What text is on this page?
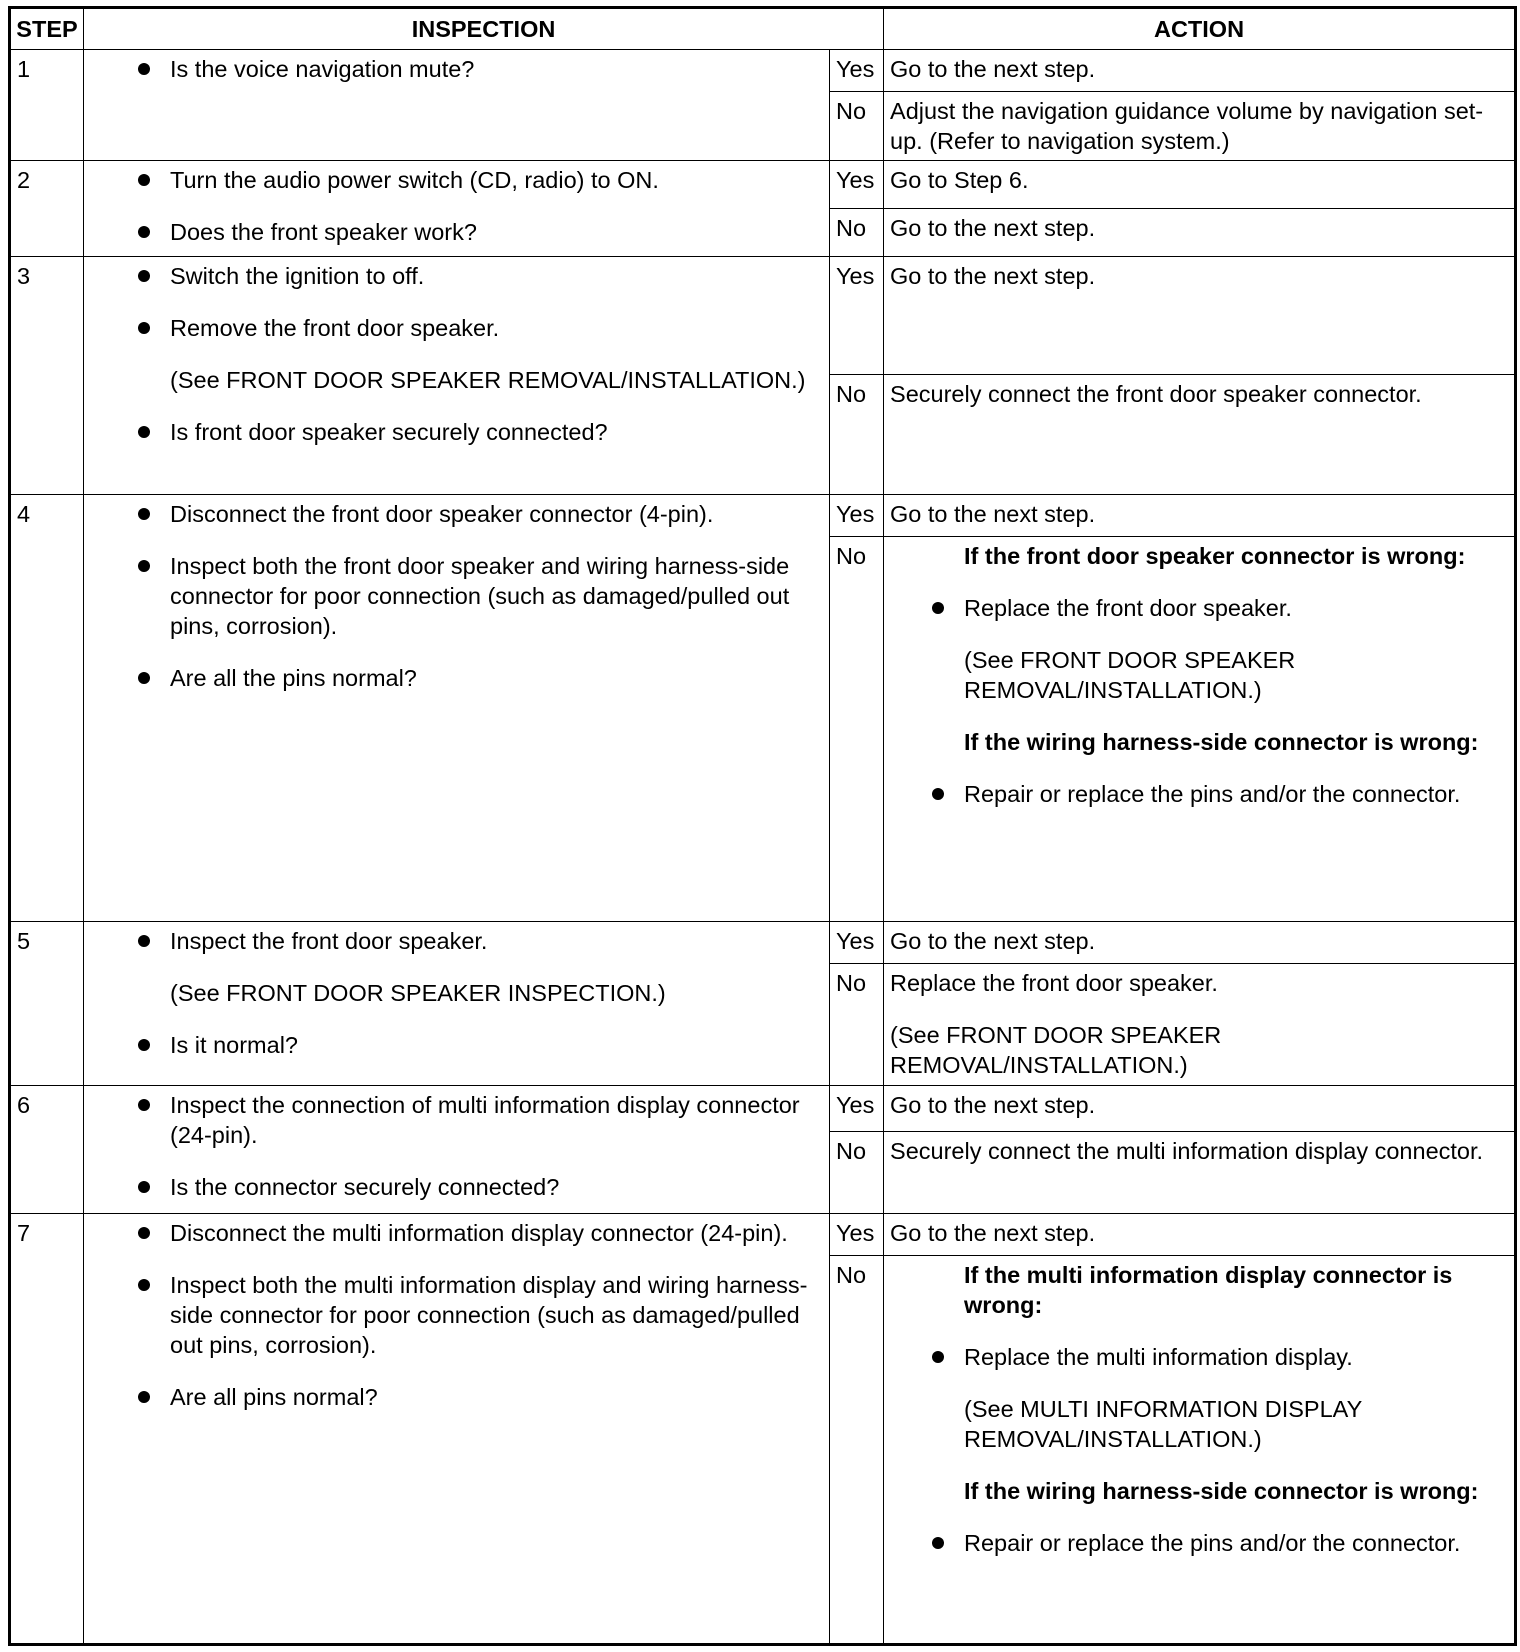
STEP	INSPECTION		ACTION
1	Is the voice navigation mute?	Yes	Go to the next step.
		No	Adjust the navigation guidance volume by navigation set-up. (Refer to navigation system.)
2	Turn the audio power switch (CD, radio) to ON.
Does the front speaker work?	Yes	Go to Step 6.
		No	Go to the next step.
3	Switch the ignition to off.
Remove the front door speaker.
(See FRONT DOOR SPEAKER REMOVAL/INSTALLATION.)
Is front door speaker securely connected?	Yes	Go to the next step.
		No	Securely connect the front door speaker connector.
4	Disconnect the front door speaker connector (4-pin).
Inspect both the front door speaker and wiring harness-side connector for poor connection (such as damaged/pulled out pins, corrosion).
Are all the pins normal?	Yes	Go to the next step.
		No	If the front door speaker connector is wrong:
Replace the front door speaker.
(See FRONT DOOR SPEAKER REMOVAL/INSTALLATION.)
If the wiring harness-side connector is wrong:
Repair or replace the pins and/or the connector.

5	Inspect the front door speaker.
(See FRONT DOOR SPEAKER INSPECTION.)
Is it normal?	Yes	Go to the next step.
		No	Replace the front door speaker.
(See FRONT DOOR SPEAKER REMOVAL/INSTALLATION.)

6	Inspect the connection of multi information display connector (24-pin).
Is the connector securely connected?	Yes	Go to the next step.
		No	Securely connect the multi information display connector.
7	Disconnect the multi information display connector (24-pin).
Inspect both the multi information display and wiring harness-side connector for poor connection (such as damaged/pulled out pins, corrosion).
Are all pins normal?	Yes	Go to the next step.
		No	If the multi information display connector is wrong:
Replace the multi information display.
(See MULTI INFORMATION DISPLAY REMOVAL/INSTALLATION.)
If the wiring harness-side connector is wrong:
Repair or replace the pins and/or the connector.
